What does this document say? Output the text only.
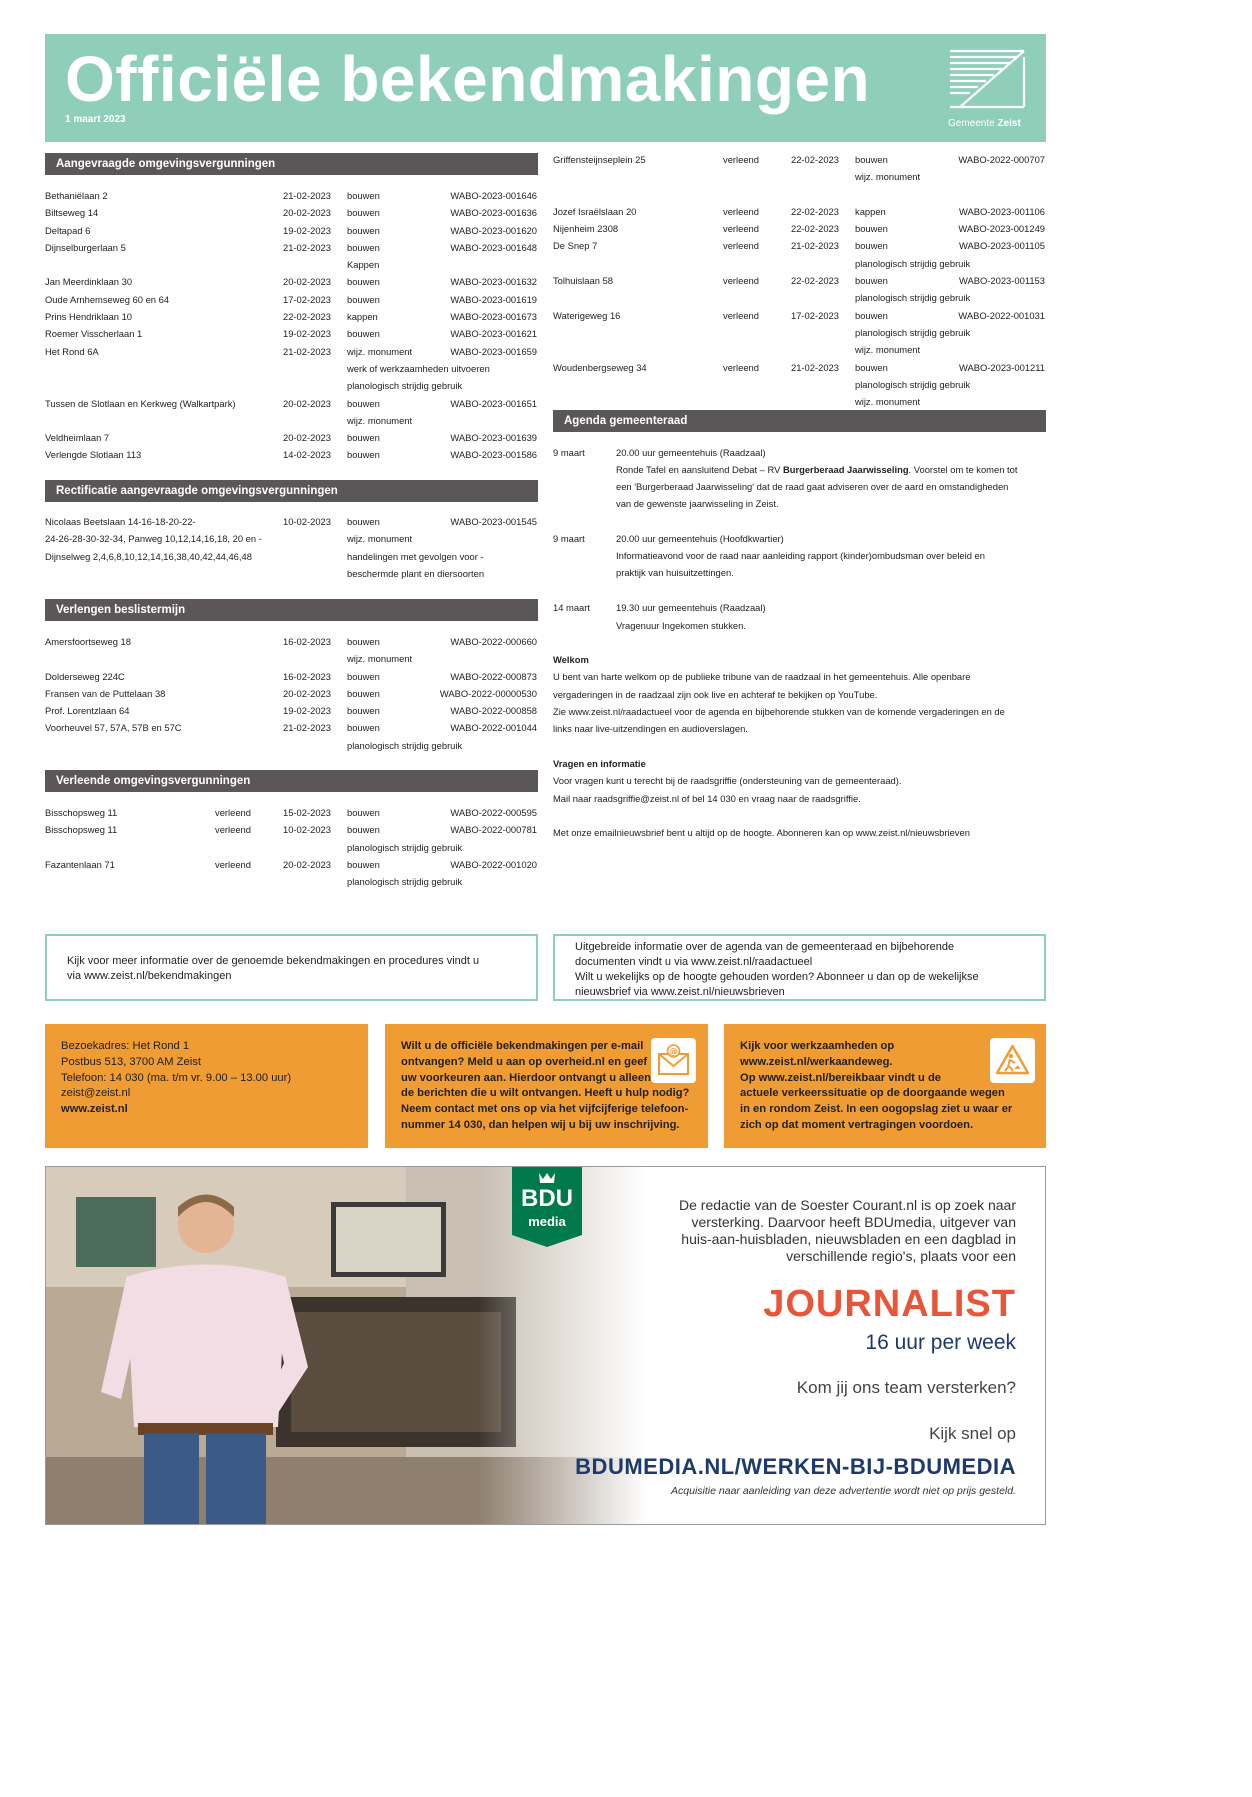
Officiële bekendmakingen
1 maart 2023	Gemeente Zeist
Aangevraagde omgevingsvergunningen
Bethaniëlaan 2	21-02-2023 bouwen	WABO-2023-001646
Biltseweg 14	20-02-2023 bouwen	WABO-2023-001636
Deltapad 6	19-02-2023 bouwen	WABO-2023-001620
Dijnselburgerlaan 5	21-02-2023 bouwen	WABO-2023-001648
Kappen
Jan Meerdinklaan 30	20-02-2023 bouwen	WABO-2023-001632
Oude Arnhemseweg 60 en 64	17-02-2023 bouwen	WABO-2023-001619
Prins Hendriklaan 10	22-02-2023 kappen	WABO-2023-001673
Roemer Visscherlaan 1	19-02-2023 bouwen	WABO-2023-001621
Het Rond 6A	21-02-2023 wijz. monument	WABO-2023-001659
werk of werkzaamheden uitvoeren
planologisch strijdig gebruik
Tussen de Slotlaan en Kerkweg (Walkartpark)	20-02-2023 bouwen	WABO-2023-001651
wijz. monument
Veldheimlaan 7	20-02-2023 bouwen	WABO-2023-001639
Verlengde Slotlaan 113	14-02-2023 bouwen	WABO-2023-001586
Rectificatie aangevraagde omgevingsvergunningen
Nicolaas Beetslaan 14-16-18-20-22-	10-02-2023 bouwen	WABO-2023-001545
24-26-28-30-32-34, Panweg 10,12,14,16,18, 20 en -	wijz. monument
Dijnselweg 2,4,6,8,10,12,14,16,38,40,42,44,46,48	handelingen met gevolgen voor -
beschermde plant en diersoorten
Verlengen beslistermijn
Amersfoortseweg 18	16-02-2023 bouwen	WABO-2022-000660
wijz. monument
Dolderseweg 224C	16-02-2023 bouwen	WABO-2022-000873
Fransen van de Puttelaan 38	20-02-2023 bouwen	WABO-2022-00000530
Prof. Lorentzlaan 64	19-02-2023 bouwen	WABO-2022-000858
Voorheuvel 57, 57A, 57B en 57C	21-02-2023 bouwen	WABO-2022-001044
planologisch strijdig gebruik
Verleende omgevingsvergunningen
Bisschopsweg 11	verleend	15-02-2023 bouwen	WABO-2022-000595
Bisschopsweg 11	verleend	10-02-2023 bouwen	WABO-2022-000781
planologisch strijdig gebruik
Fazantenlaan 71	verleend	20-02-2023 bouwen	WABO-2022-001020
planologisch strijdig gebruik
Griffensteijnseplein 25	verleend	22-02-2023 bouwen	WABO-2022-000707
wijz. monument
Jozef Israëlslaan 20	verleend	22-02-2023 kappen	WABO-2023-001106
Nijenheim 2308	verleend	22-02-2023 bouwen	WABO-2023-001249
De Snep 7	verleend	21-02-2023 bouwen	WABO-2023-001105
planologisch strijdig gebruik
Tolhuislaan 58	verleend	22-02-2023 bouwen	WABO-2023-001153
planologisch strijdig gebruik
Waterigeweg 16	verleend	17-02-2023 bouwen	WABO-2022-001031
planologisch strijdig gebruik
wijz. monument
Woudenbergseweg 34	verleend	21-02-2023 bouwen	WABO-2023-001211
planologisch strijdig gebruik
wijz. monument
Agenda gemeenteraad
9 maart	20.00 uur gemeentehuis (Raadzaal)
Ronde Tafel en aansluitend Debat – RV Burgerberaad Jaarwisseling. Voorstel om te komen tot
een 'Burgerberaad Jaarwisseling' dat de raad gaat adviseren over de aard en omstandigheden
van de gewenste jaarwisseling in Zeist.
9 maart	20.00 uur gemeentehuis (Hoofdkwartier)
Informatieavond voor de raad naar aanleiding rapport (kinder)ombudsman over beleid en
praktijk van huisuitzettingen.
14 maart	19.30 uur gemeentehuis (Raadzaal)
Vragenuur Ingekomen stukken.
Welkom
U bent van harte welkom op de publieke tribune van de raadzaal in het gemeentehuis. Alle openbare
vergaderingen in de raadzaal zijn ook live en achteraf te bekijken op YouTube.
Zie www.zeist.nl/raadactueel voor de agenda en bijbehorende stukken van de komende vergaderingen en de
links naar live-uitzendingen en audioverslagen.
Vragen en informatie
Voor vragen kunt u terecht bij de raadsgriffie (ondersteuning van de gemeenteraad).
Mail naar raadsgriffie@zeist.nl of bel 14 030 en vraag naar de raadsgriffie.
Met onze emailnieuwsbrief bent u altijd op de hoogte. Abonneren kan op www.zeist.nl/nieuwsbrieven
Kijk voor meer informatie over de genoemde bekendmakingen en procedures vindt u
via www.zeist.nl/bekendmakingen
Uitgebreide informatie over de agenda van de gemeenteraad en bijbehorende
documenten vindt u via www.zeist.nl/raadactueel
Wilt u wekelijks op de hoogte gehouden worden? Abonneer u dan op de wekelijkse
nieuwsbrief via www.zeist.nl/nieuwsbrieven
Bezoekadres: Het Rond 1
Postbus 513, 3700 AM Zeist
Telefoon: 14 030 (ma. t/m vr. 9.00 – 13.00 uur)
zeist@zeist.nl
www.zeist.nl
Wilt u de officiële bekendmakingen per e-mail
ontvangen? Meld u aan op overheid.nl en geef
uw voorkeuren aan. Hierdoor ontvangt u alleen
de berichten die u wilt ontvangen. Heeft u hulp nodig?
Neem contact met ons op via het vijfcijferige telefoon-
nummer 14 030, dan helpen wij u bij uw inschrijving.
@
Kijk voor werkzaamheden op
www.zeist.nl/werkaandeweg.
Op www.zeist.nl/bereikbaar vindt u de
actuele verkeerssituatie op de doorgaande wegen
in en rondom Zeist. In een oogopslag ziet u waar er
zich op dat moment vertragingen voordoen.
BDU
media
De redactie van de Soester Courant.nl is op zoek naar
versterking. Daarvoor heeft BDUmedia, uitgever van
huis-aan-huisbladen, nieuwsbladen en een dagblad in
verschillende regio's, plaats voor een
JOURNALIST
16 uur per week
Kom jij ons team versterken?
Kijk snel op
BDUMEDIA.NL/WERKEN-BIJ-BDUMEDIA
Acquisitie naar aanleiding van deze advertentie wordt niet op prijs gesteld.
